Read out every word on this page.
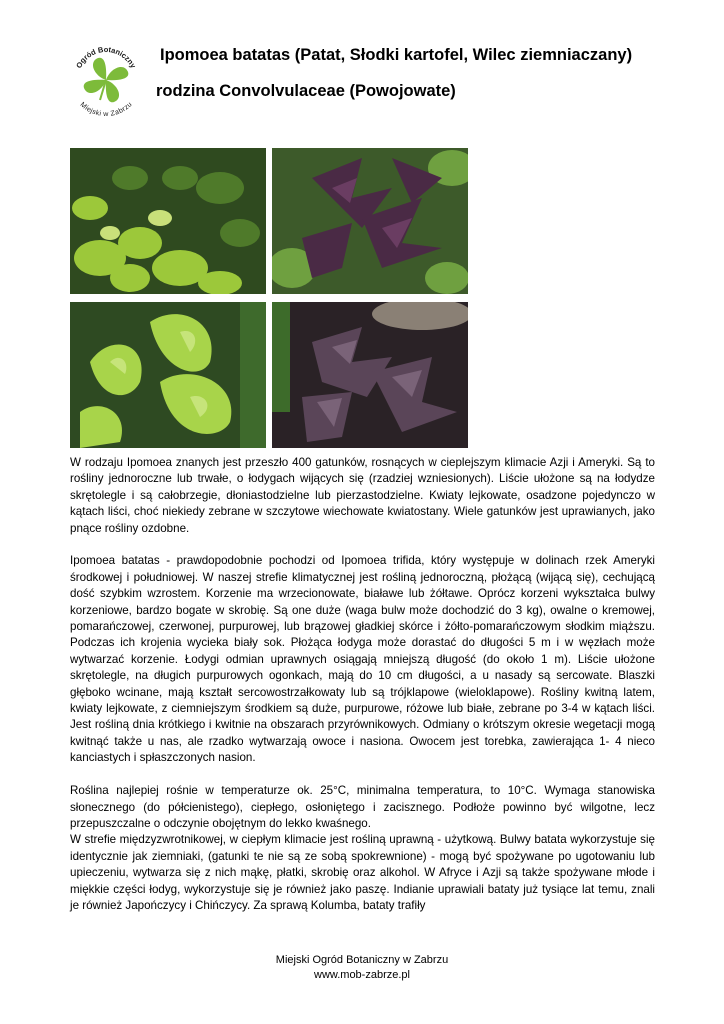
Ogród Botaniczny
Miejski w Zabrzu
Ipomoea batatas (Patat, Słodki kartofel, Wilec ziemniaczany)
rodzina Convolvulaceae (Powojowate)

W rodzaju Ipomoea znanych jest przeszło 400 gatunków, rosnących w cieplejszym klimacie Azji i Ameryki. Są to rośliny jednoroczne lub trwałe, o łodygach wijących się (rzadziej wzniesionych). Liście ułożone są na łodydze skrętolegle i są całobrzegie, dłoniastodzielne lub pierzastodzielne. Kwiaty lejkowate, osadzone pojedynczo w kątach liści, choć niekiedy zebrane w szczytowe wiechowate kwiatostany. Wiele gatunków jest uprawianych, jako pnące rośliny ozdobne.

Ipomoea batatas - prawdopodobnie pochodzi od Ipomoea trifida, który występuje w dolinach rzek Ameryki środkowej i południowej. W naszej strefie klimatycznej jest rośliną jednoroczną, płożącą (wijącą się), cechującą dość szybkim wzrostem. Korzenie ma wrzecionowate, białawe lub żółtawe. Oprócz korzeni wykształca bulwy korzeniowe, bardzo bogate w skrobię. Są one duże (waga bulw może dochodzić do 3 kg), owalne o kremowej, pomarańczowej, czerwonej, purpurowej, lub brązowej gładkiej skórce i żółto-pomarańczowym słodkim miąższu. Podczas ich krojenia wycieka biały sok. Płożąca łodyga może dorastać do długości 5 m i w węzłach może wytwarzać korzenie. Łodygi odmian uprawnych osiągają mniejszą długość (do około 1 m). Liście ułożone skrętolegle, na długich purpurowych ogonkach, mają do 10 cm długości, a u nasady są sercowate. Blaszki głęboko wcinane, mają kształt sercowostrzałkowaty lub są trójklapowe (wieloklapowe). Rośliny kwitną latem, kwiaty lejkowate, z ciemniejszym środkiem są duże, purpurowe, różowe lub białe, zebrane po 3-4 w kątach liści. Jest rośliną dnia krótkiego i kwitnie na obszarach przyrównikowych. Odmiany o krótszym okresie wegetacji mogą kwitnąć także u nas, ale rzadko wytwarzają owoce i nasiona. Owocem jest torebka, zawierająca 1- 4 nieco kanciastych i spłaszczonych nasion.

Roślina najlepiej rośnie w temperaturze ok. 25°C, minimalna temperatura, to 10°C. Wymaga stanowiska słonecznego (do półcienistego), ciepłego, osłoniętego i zacisznego. Podłoże powinno być wilgotne, lecz przepuszczalne o odczynie obojętnym do lekko kwaśnego.

W strefie międzyzwrotnikowej, w ciepłym klimacie jest rośliną uprawną - użytkową. Bulwy batata wykorzystuje się identycznie jak ziemniaki, (gatunki te nie są ze sobą spokrewnione) - mogą być spożywane po ugotowaniu lub upieczeniu, wytwarza się z nich mąkę, płatki, skrobię oraz alkohol. W Afryce i Azji są także spożywane młode i miękkie części łodyg, wykorzystuje się je również jako paszę. Indianie uprawiali bataty już tysiące lat temu, znali je również Japończycy i Chińczycy. Za sprawą Kolumba, bataty trafiły

Miejski Ogród Botaniczny w Zabrzu
www.mob-zabrze.pl
